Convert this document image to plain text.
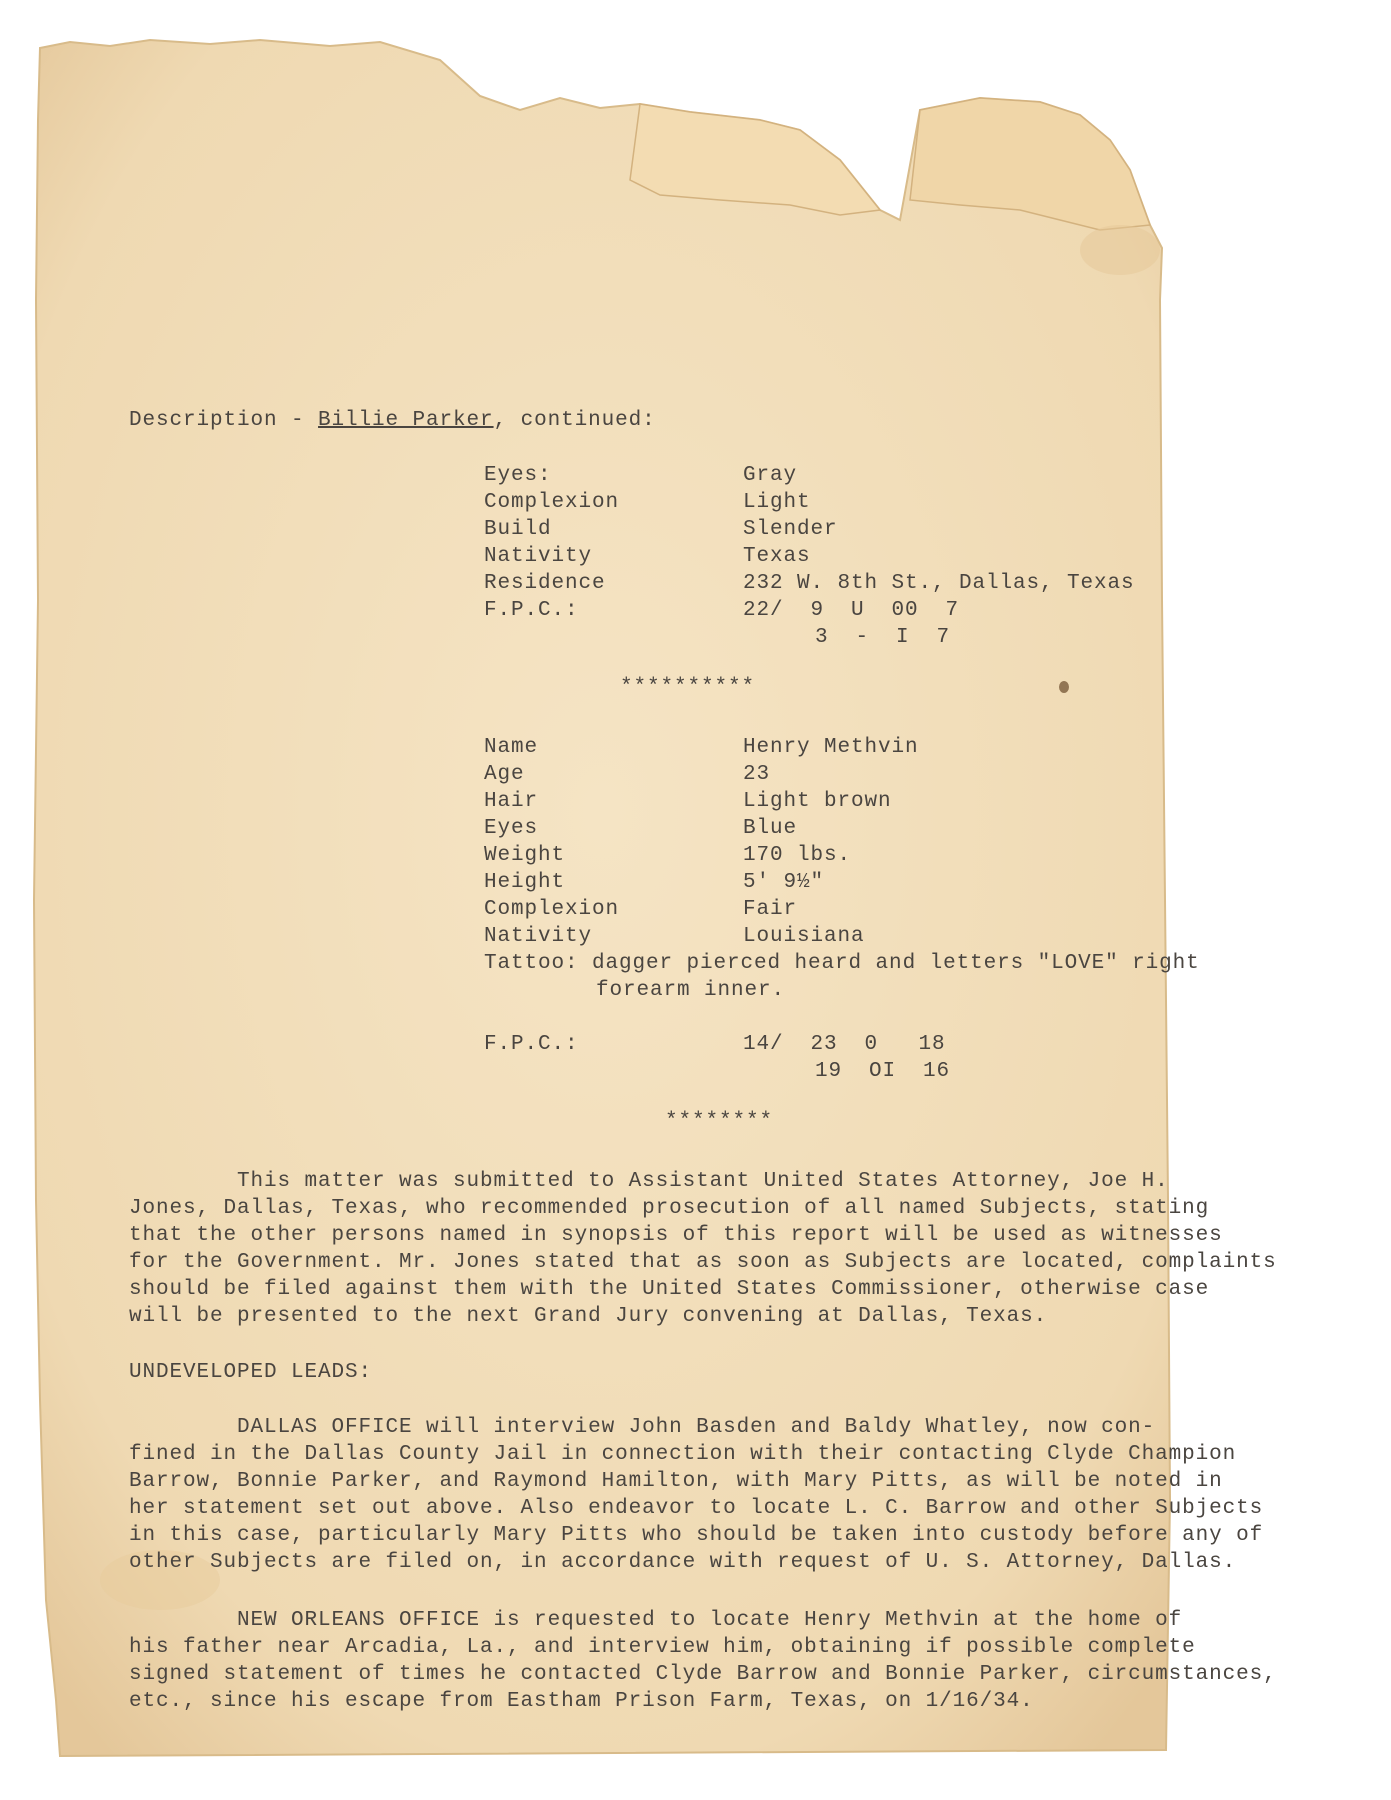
Description - Billie Parker, continued:
Eyes:	Gray
Complexion	Light
Build	Slender
Nativity	Texas
Residence	232 W. 8th St., Dallas, Texas
F.P.C.:	22/  9  U  00  7
3  -  I  7
**********
Name	Henry Methvin
Age	23
Hair	Light brown
Eyes	Blue
Weight	170 lbs.
Height	5' 9½"
Complexion	Fair
Nativity	Louisiana
Tattoo: dagger pierced heard and letters "LOVE" right
forearm inner.
F.P.C.:	14/  23  0   18
19  OI  16
********
This matter was submitted to Assistant United States Attorney, Joe H.
Jones, Dallas, Texas, who recommended prosecution of all named Subjects, stating
that the other persons named in synopsis of this report will be used as witnesses
for the Government. Mr. Jones stated that as soon as Subjects are located, complaints
should be filed against them with the United States Commissioner, otherwise case
will be presented to the next Grand Jury convening at Dallas, Texas.
UNDEVELOPED LEADS:
DALLAS OFFICE will interview John Basden and Baldy Whatley, now con-
fined in the Dallas County Jail in connection with their contacting Clyde Champion
Barrow, Bonnie Parker, and Raymond Hamilton, with Mary Pitts, as will be noted in
her statement set out above. Also endeavor to locate L. C. Barrow and other Subjects
in this case, particularly Mary Pitts who should be taken into custody before any of
other Subjects are filed on, in accordance with request of U. S. Attorney, Dallas.
NEW ORLEANS OFFICE is requested to locate Henry Methvin at the home of
his father near Arcadia, La., and interview him, obtaining if possible complete
signed statement of times he contacted Clyde Barrow and Bonnie Parker, circumstances,
etc., since his escape from Eastham Prison Farm, Texas, on 1/16/34.
